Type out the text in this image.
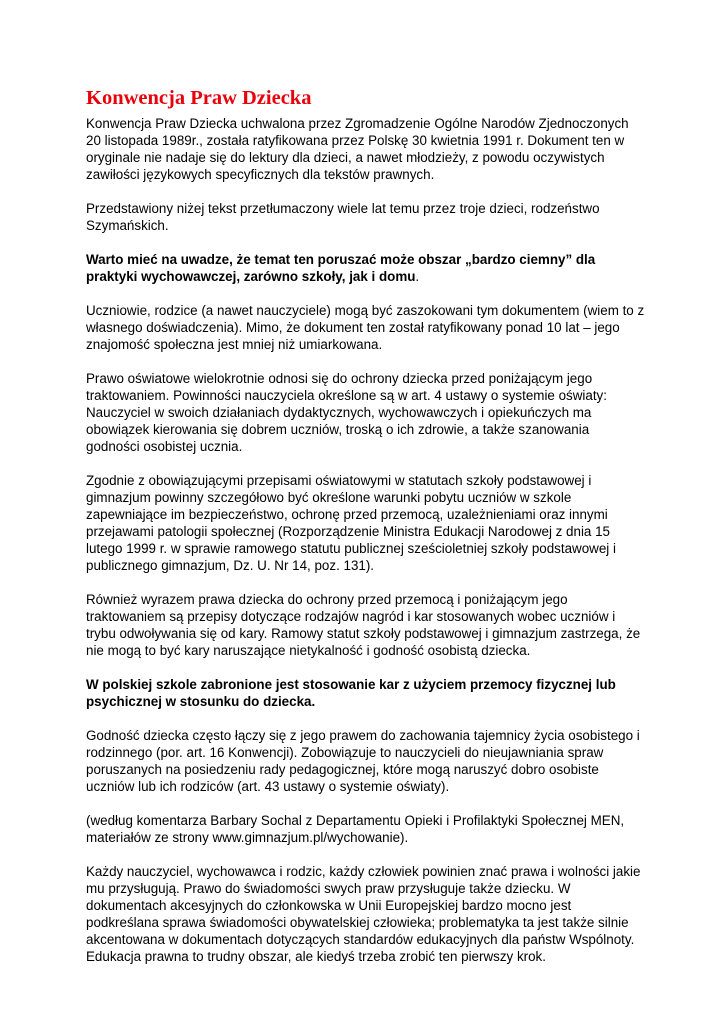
Konwencja Praw Dziecka

Konwencja Praw Dziecka uchwalona przez Zgromadzenie Ogólne Narodów Zjednoczonych 20 listopada 1989r., została ratyfikowana przez Polskę 30 kwietnia 1991 r. Dokument ten w oryginale nie nadaje się do lektury dla dzieci, a nawet młodzieży, z powodu oczywistych zawiłości językowych specyficznych dla tekstów prawnych.

Przedstawiony niżej tekst przetłumaczony wiele lat temu przez troje dzieci, rodzeństwo Szymańskich.

Warto mieć na uwadze, że temat ten poruszać może obszar „bardzo ciemny” dla praktyki wychowawczej, zarówno szkoły, jak i domu.

Uczniowie, rodzice (a nawet nauczyciele) mogą być zaszokowani tym dokumentem (wiem to z własnego doświadczenia). Mimo, że dokument ten został ratyfikowany ponad 10 lat – jego znajomość społeczna jest mniej niż umiarkowana.

Prawo oświatowe wielokrotnie odnosi się do ochrony dziecka przed poniżającym jego traktowaniem. Powinności nauczyciela określone są w art. 4 ustawy o systemie oświaty: Nauczyciel w swoich działaniach dydaktycznych, wychowawczych i opiekuńczych ma obowiązek kierowania się dobrem uczniów, troską o ich zdrowie, a także szanowania godności osobistej ucznia.

Zgodnie z obowiązującymi przepisami oświatowymi w statutach szkoły podstawowej i gimnazjum powinny szczegółowo być określone warunki pobytu uczniów w szkole zapewniające im bezpieczeństwo, ochronę przed przemocą, uzależnieniami oraz innymi przejawami patologii społecznej (Rozporządzenie Ministra Edukacji Narodowej z dnia 15 lutego 1999 r. w sprawie ramowego statutu publicznej sześcioletniej szkoły podstawowej i publicznego gimnazjum, Dz. U. Nr 14, poz. 131).

Również wyrazem prawa dziecka do ochrony przed przemocą i poniżającym jego traktowaniem są przepisy dotyczące rodzajów nagród i kar stosowanych wobec uczniów i trybu odwoływania się od kary. Ramowy statut szkoły podstawowej i gimnazjum zastrzega, że nie mogą to być kary naruszające nietykalność i godność osobistą dziecka.

W polskiej szkole zabronione jest stosowanie kar z użyciem przemocy fizycznej lub psychicznej w stosunku do dziecka.

Godność dziecka często łączy się z jego prawem do zachowania tajemnicy życia osobistego i rodzinnego (por. art. 16 Konwencji). Zobowiązuje to nauczycieli do nieujawniania spraw poruszanych na posiedzeniu rady pedagogicznej, które mogą naruszyć dobro osobiste uczniów lub ich rodziców (art. 43 ustawy o systemie oświaty).

(według komentarza Barbary Sochal z Departamentu Opieki i Profilaktyki Społecznej MEN, materiałów ze strony www.gimnazjum.pl/wychowanie).

Każdy nauczyciel, wychowawca i rodzic, każdy człowiek powinien znać prawa i wolności jakie mu przysługują. Prawo do świadomości swych praw przysługuje także dziecku. W dokumentach akcesyjnych do członkowska w Unii Europejskiej bardzo mocno jest podkreślana sprawa świadomości obywatelskiej człowieka; problematyka ta jest także silnie akcentowana w dokumentach dotyczących standardów edukacyjnych dla państw Wspólnoty. Edukacja prawna to trudny obszar, ale kiedyś trzeba zrobić ten pierwszy krok.
